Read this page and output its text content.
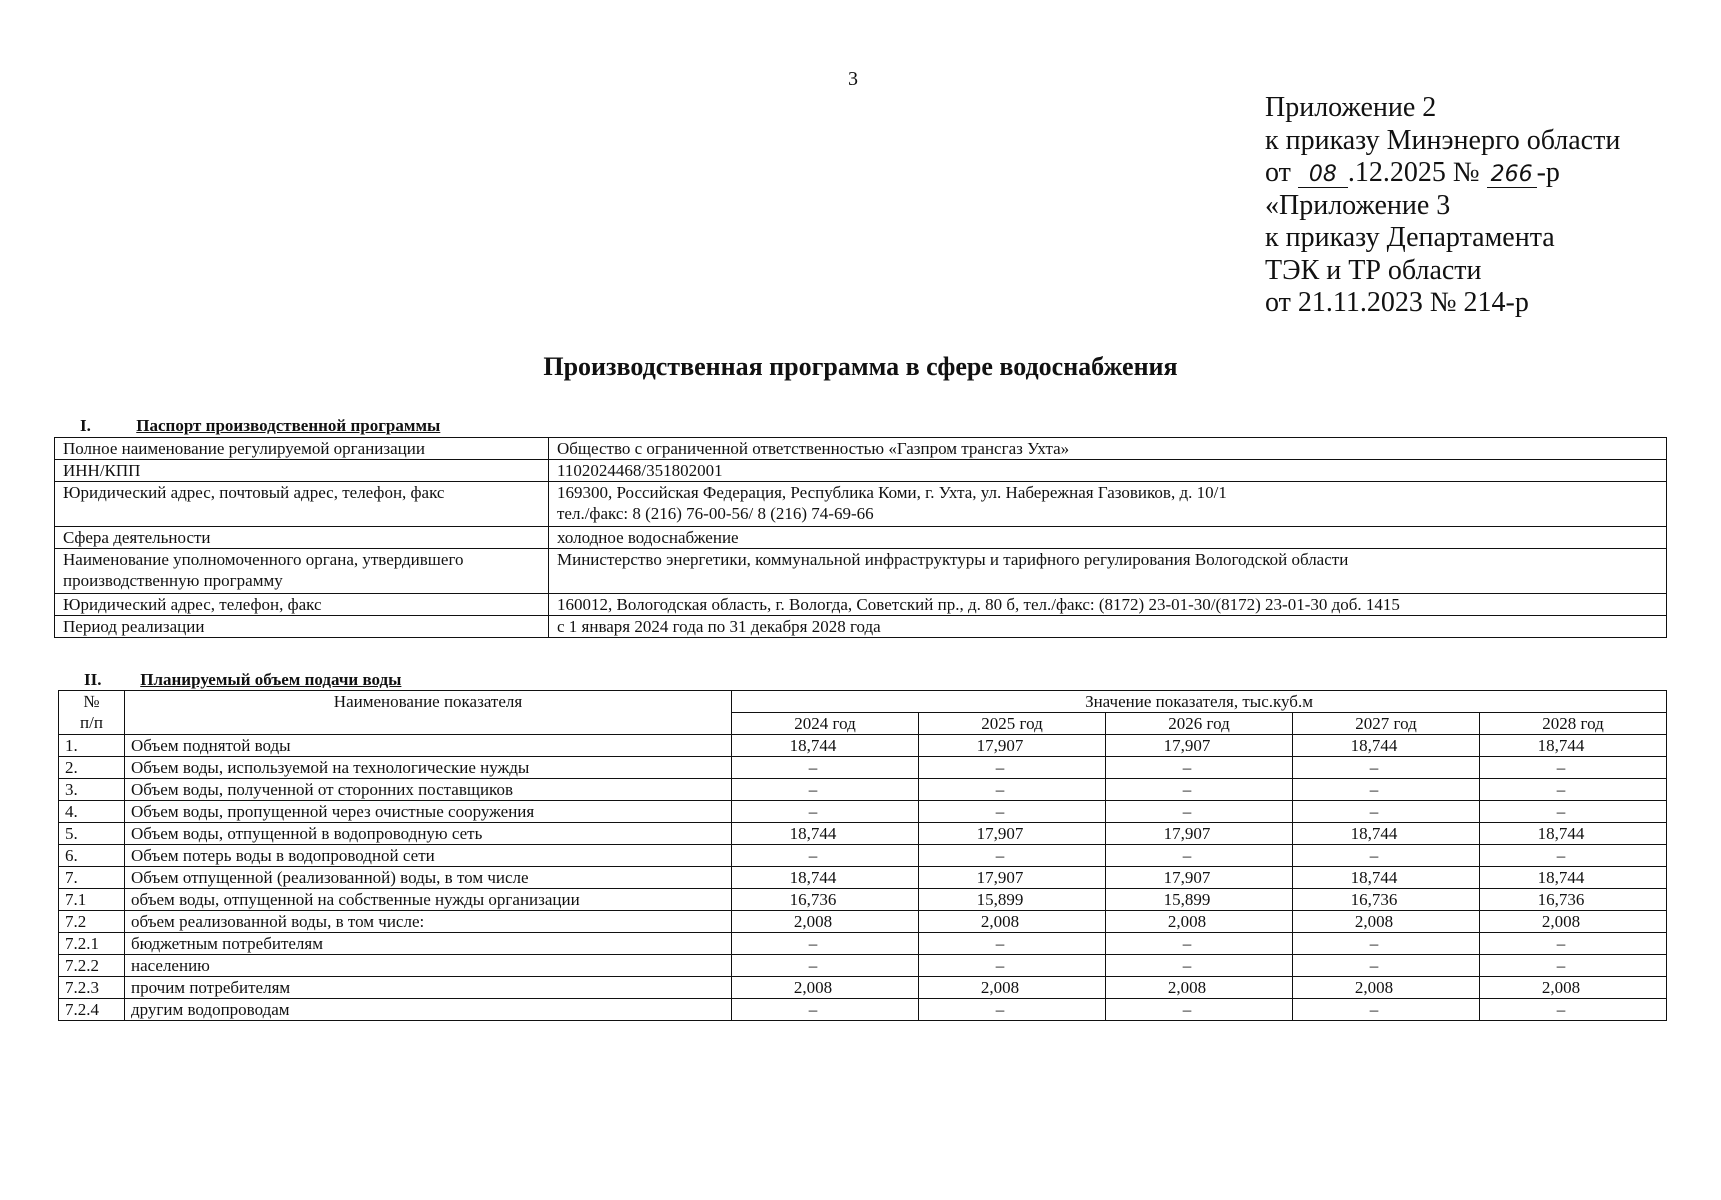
3
Приложение 2
к приказу Минэнерго области
от 08 .12.2025 № 266 -р
«Приложение 3
к приказу Департамента
ТЭК и ТР области
от 21.11.2023 № 214-р
Производственная программа в сфере водоснабжения
I.	Паспорт производственной программы
Полное наименование регулируемой организации	Общество с ограниченной ответственностью «Газпром трансгаз Ухта»
ИНН/КПП	1102024468/351802001
Юридический адрес, почтовый адрес, телефон, факс	169300, Российская Федерация, Республика Коми, г. Ухта, ул. Набережная Газовиков, д. 10/1
тел./факс: 8 (216) 76-00-56/ 8 (216) 74-69-66

Сфера деятельности	холодное водоснабжение

Наименование уполномоченного органа, утвердившего
производственную программу	Министерство энергетики, коммунальной инфраструктуры и тарифного регулирования Вологодской области
Юридический адрес, телефон, факс	160012, Вологодская область, г. Вологда, Советский пр., д. 80 б, тел./факс: (8172) 23-01-30/(8172) 23-01-30 доб. 1415
Период реализации	с 1 января 2024 года по 31 декабря 2028 года
II. Планируемый объем подачи воды
№
п/п	Наименование показателя	Значение показателя, тыс.куб.м				
		2024 год	2025 год	2026 год	2027 год	2028 год
1.	Объем поднятой воды	18,744	17,907	17,907	18,744	18,744
2.	Объем воды, используемой на технологические нужды	–	–	–	–	–
3.	Объем воды, полученной от сторонних поставщиков	–	–	–	–	–
4.	Объем воды, пропущенной через очистные сооружения	–	–	–	–	–
5.	Объем воды, отпущенной в водопроводную сеть	18,744	17,907	17,907	18,744	18,744
6.	Объем потерь воды в водопроводной сети	–	–	–	–	–
7.	Объем отпущенной (реализованной) воды, в том числе	18,744	17,907	17,907	18,744	18,744
7.1	объем воды, отпущенной на собственные нужды организации	16,736	15,899	15,899	16,736	16,736
7.2	объем реализованной воды, в том числе:	2,008	2,008	2,008	2,008	2,008
7.2.1	бюджетным потребителям	–	–	–	–	–
7.2.2	населению	–	–	–	–	–
7.2.3	прочим потребителям	2,008	2,008	2,008	2,008	2,008
7.2.4	другим водопроводам	–	–	–	–	–
